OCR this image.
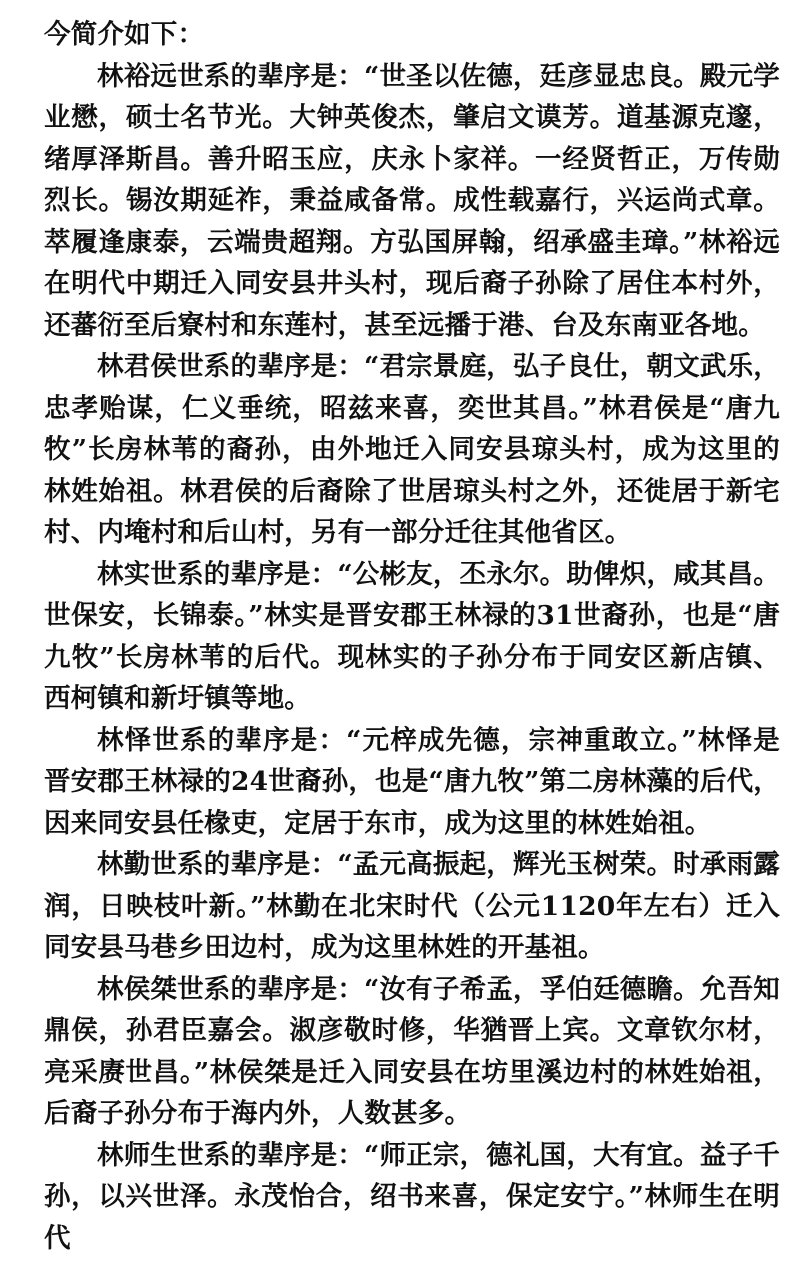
今简介如下：

林裕远世系的辈序是：“世圣以佐德，廷彦显忠良。殿元学业懋，硕士名节光。大钟英俊杰，肇启文谟芳。道基源克邃，绪厚泽斯昌。善升昭玉应，庆永卜家祥。一经贤哲正，万传勋烈长。锡汝期延祚，秉益咸备常。成性载嘉行，兴运尚式章。萃履逢康泰，云端贵超翔。方弘国屏翰，绍承盛圭璋。”林裕远在明代中期迁入同安县井头村，现后裔子孙除了居住本村外，还蕃衍至后寮村和东莲村，甚至远播于港、台及东南亚各地。

林君侯世系的辈序是：“君宗景庭，弘子良仕，朝文武乐，忠孝贻谋，仁义垂统，昭兹来喜，奕世其昌。”林君侯是“唐九牧”长房林苇的裔孙，由外地迁入同安县琼头村，成为这里的林姓始祖。林君侯的后裔除了世居琼头村之外，还徙居于新宅村、内埯村和后山村，另有一部分迁往其他省区。

林实世系的辈序是：“公彬友，丕永尔。助俾炽，咸其昌。世保安，长锦泰。”林实是晋安郡王林禄的31世裔孙，也是“唐九牧”长房林苇的后代。现林实的子孙分布于同安区新店镇、西柯镇和新圩镇等地。

林怿世系的辈序是：“元梓成先德，宗神重敢立。”林怿是晋安郡王林禄的24世裔孙，也是“唐九牧”第二房林藻的后代，因来同安县任椽吏，定居于东市，成为这里的林姓始祖。

林勤世系的辈序是：“孟元高振起，辉光玉树荣。时承雨露润，日映枝叶新。”林勤在北宋时代（公元1120年左右）迁入同安县马巷乡田边村，成为这里林姓的开基祖。

林侯桀世系的辈序是：“汝有子希孟，孚伯廷德瞻。允吾知鼎侯，孙君臣嘉会。淑彦敬时修，华猶晋上宾。文章钦尔材，亮采赓世昌。”林侯桀是迁入同安县在坊里溪边村的林姓始祖，后裔子孙分布于海内外，人数甚多。

林师生世系的辈序是：“师正宗，德礼国，大有宜。益子千孙，以兴世泽。永茂怡合，绍书来喜，保定安宁。”林师生在明代
